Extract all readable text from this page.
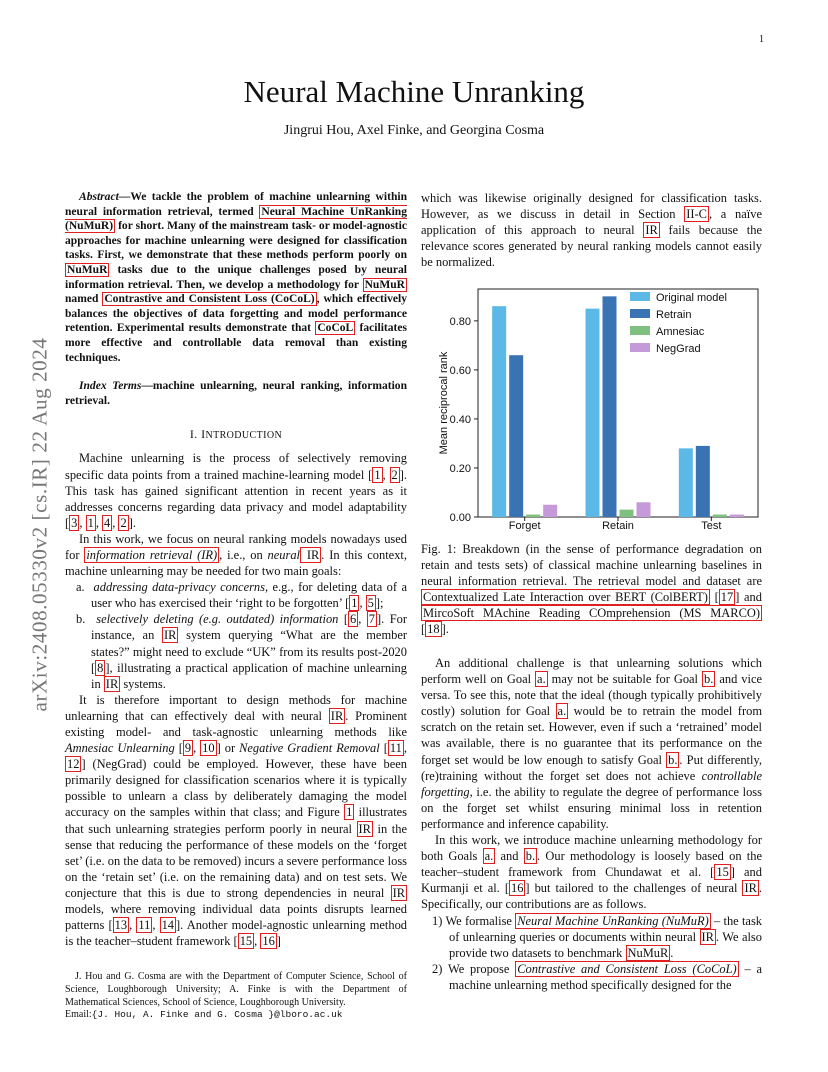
1
arXiv:2408.05330v2 [cs.IR] 22 Aug 2024
Neural Machine Unranking
Jingrui Hou, Axel Finke, and Georgina Cosma
Abstract—We tackle the problem of machine unlearning within neural information retrieval, termed Neural Machine UnRanking (NuMuR) for short. Many of the mainstream task- or model-agnostic approaches for machine unlearning were designed for classification tasks. First, we demonstrate that these methods perform poorly on NuMuR tasks due to the unique challenges posed by neural information retrieval. Then, we develop a methodology for NuMuR named Contrastive and Consistent Loss (CoCoL) , which effectively balances the objectives of data forgetting and model performance retention. Experimental results demonstrate that CoCoL facilitates more effective and controllable data removal than existing techniques.
Index Terms—machine unlearning, neural ranking, information retrieval.
I. INTRODUCTION

Machine unlearning is the process of selectively removing specific data points from a trained machine-learning model [ 1 , 2 ]. This task has gained significant attention in recent years as it addresses concerns regarding data privacy and model adaptability [ 3 , 1 , 4 , 2 ].

In this work, we focus on neural ranking models nowadays used for information retrieval (IR) , i.e., on neural IR . In this context, machine unlearning may be needed for two main goals:

a. addressing data-privacy concerns, e.g., for deleting data of a user who has exercised their ‘right to be forgotten’ [ 1 , 5 ];

b. selectively deleting (e.g. outdated) information [ 6 , 7 ]. For instance, an IR system querying “What are the member states?” might need to exclude “UK” from its results post-2020 [ 8 ], illustrating a practical application of machine unlearning in IR systems.

It is therefore important to design methods for machine unlearning that can effectively deal with neural IR . Prominent existing model- and task-agnostic unlearning methods like Amnesiac Unlearning [ 9 , 10 ] or Negative Gradient Removal [ 11 , 12 ] (NegGrad) could be employed. However, these have been primarily designed for classification scenarios where it is typically possible to unlearn a class by deliberately damaging the model accuracy on the samples within that class; and Figure 1 illustrates that such unlearning strategies perform poorly in neural IR in the sense that reducing the performance of these models on the ‘forget set’ (i.e. on the data to be removed) incurs a severe performance loss on the ‘retain set’ (i.e. on the remaining data) and on test sets. We conjecture that this is due to strong dependencies in neural IR models, where removing individual data points disrupts learned patterns [ 13 , 11 , 14 ]. Another model-agnostic unlearning method is the teacher–student framework [ 15 , 16 ]

J. Hou and G. Cosma are with the Department of Computer Science, School of Science, Loughborough University; A. Finke is with the Department of Mathematical Sciences, School of Science, Loughborough University.
Email:{J. Hou, A. Finke and G. Cosma }@lboro.ac.uk

which was likewise originally designed for classification tasks. However, as we discuss in detail in Section II-C , a naïve application of this approach to neural IR fails because the relevance scores generated by neural ranking models cannot easily be normalized.

0.00
0.20
0.40
0.60
0.80
Mean reciprocal rank
Forget	Retain	Test
Original model
Retrain
Amnesiac
NegGrad
Fig. 1: Breakdown (in the sense of performance degradation on retain and tests sets) of classical machine unlearning baselines in neural information retrieval. The retrieval model and dataset are Contextualized Late Interaction over BERT (ColBERT) [ 17 ] and MircoSoft MAchine Reading COmprehension (MS MARCO) [ 18 ].

An additional challenge is that unlearning solutions which perform well on Goal a. may not be suitable for Goal b. and vice versa. To see this, note that the ideal (though typically prohibitively costly) solution for Goal a. would be to retrain the model from scratch on the retain set. However, even if such a ‘retrained’ model was available, there is no guarantee that its performance on the forget set would be low enough to satisfy Goal b. . Put differently, (re)training without the forget set does not achieve controllable forgetting, i.e. the ability to regulate the degree of performance loss on the forget set whilst ensuring minimal loss in retention performance and inference capability.

In this work, we introduce machine unlearning methodology for both Goals a. and b. . Our methodology is loosely based on the teacher–student framework from Chundawat et al. [ 15 ] and Kurmanji et al. [ 16 ] but tailored to the challenges of neural IR . Specifically, our contributions are as follows.

1) We formalise Neural Machine UnRanking (NuMuR) – the task of unlearning queries or documents within neural IR . We also provide two datasets to benchmark NuMuR .

2) We propose Contrastive and Consistent Loss (CoCoL) – a machine unlearning method specifically designed for the
